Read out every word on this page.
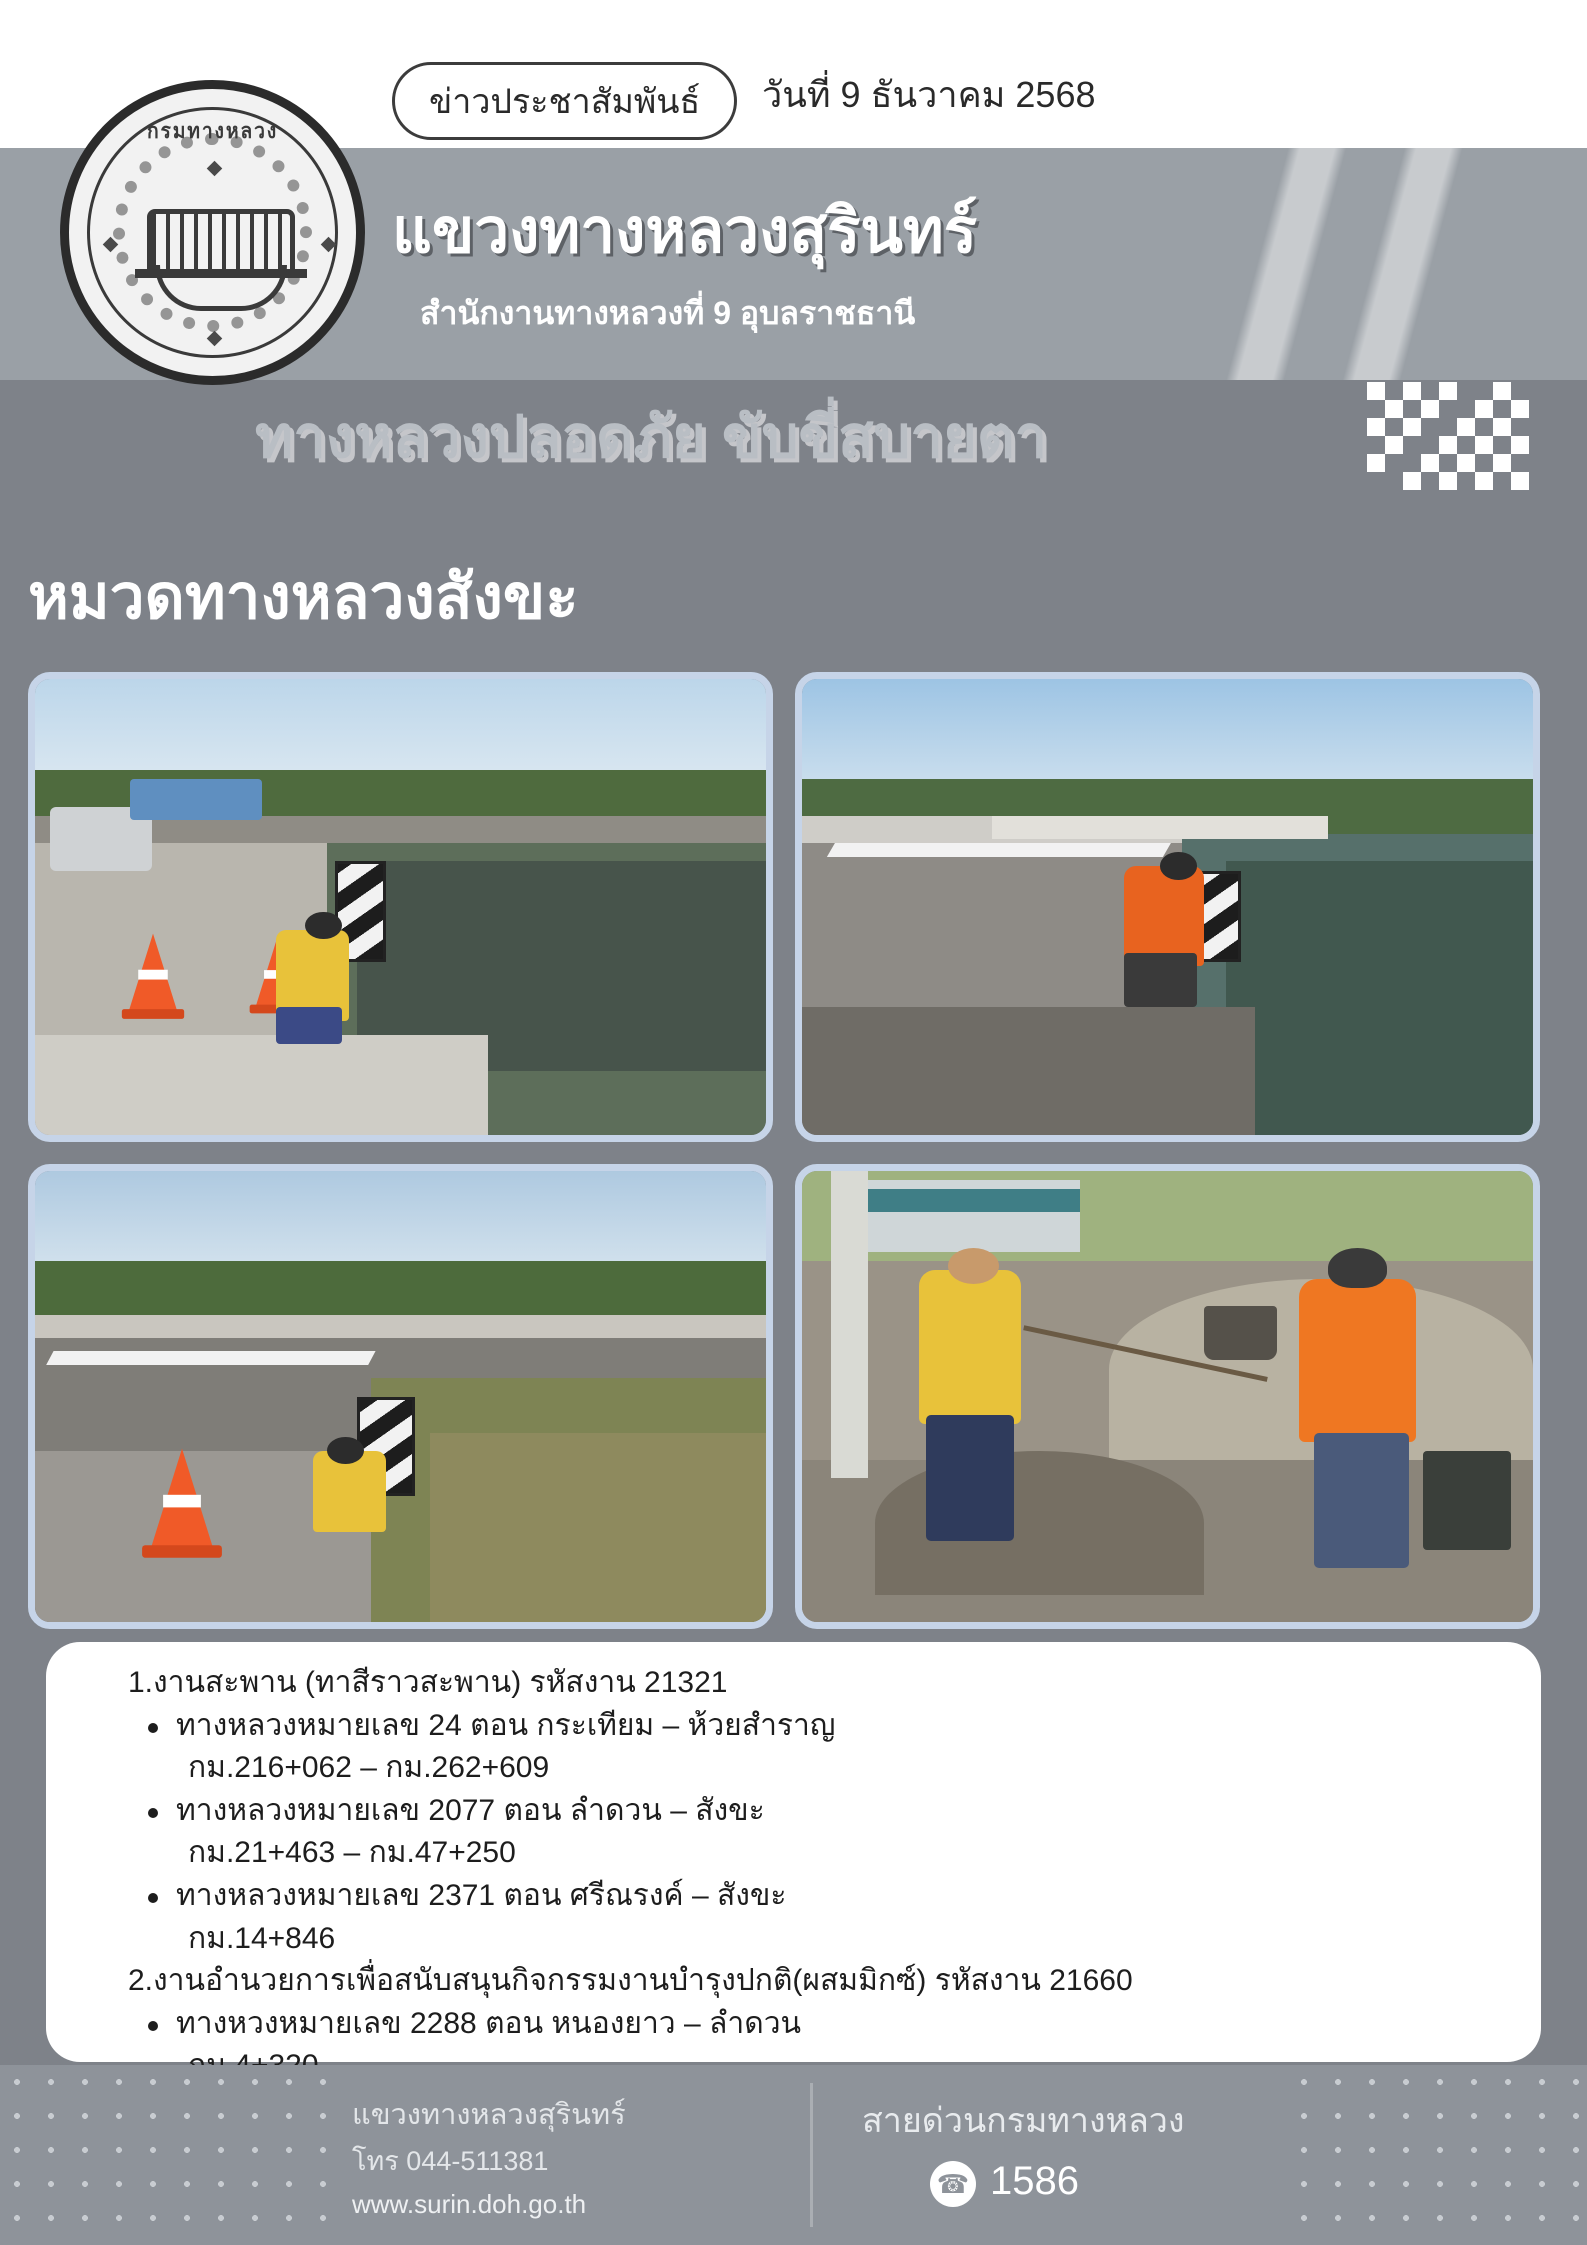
กรมทางหลวง
ข่าวประชาสัมพันธ์	วันที่ 9 ธันวาคม 2568
แขวงทางหลวงสุรินทร์
สำนักงานทางหลวงที่ 9 อุบลราชธานี
ทางหลวงปลอดภัย ขับขี่สบายตา
หมวดทางหลวงสังขะ
1.งานสะพาน (ทาสีราวสะพาน) รหัสงาน 21321
ทางหลวงหมายเลข 24 ตอน กระเทียม – ห้วยสำราญ
กม.216+062 – กม.262+609
ทางหลวงหมายเลข 2077 ตอน ลำดวน – สังขะ
กม.21+463 – กม.47+250
ทางหลวงหมายเลข 2371 ตอน ศรีณรงค์ – สังขะ
กม.14+846
2.งานอำนวยการเพื่อสนับสนุนกิจกรรมงานบำรุงปกติ(ผสมมิกซ์) รหัสงาน 21660
ทางหวงหมายเลข 2288 ตอน หนองยาว – ลำดวน
แขวงทางหลวงสุรินทร์
โทร 044-511381
www.surin.doh.go.th
สายด่วนกรมทางหลวง
☎ 1586
